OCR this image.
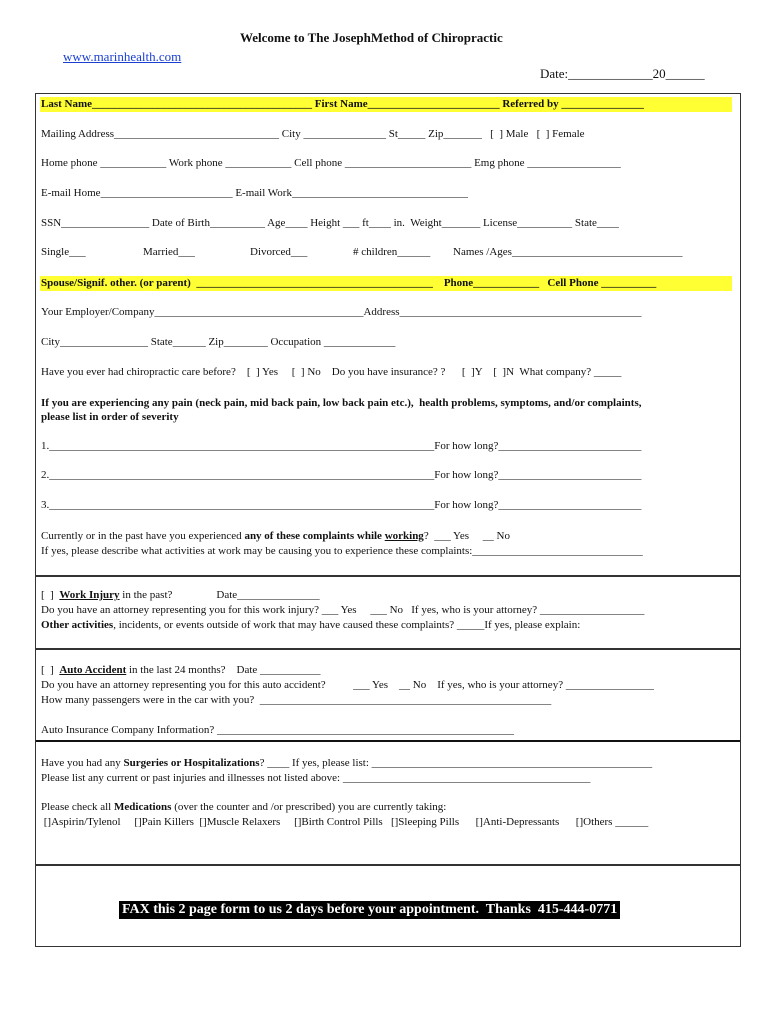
Welcome to The JosephMethod of Chiropractic
www.marinhealth.com
Date:_____________20______
Last Name________________________________________ First Name________________________ Referred by _______________
Mailing Address______________________________ City _______________ St_____ Zip_______   [  ] Male   [  ] Female
Home phone ____________ Work phone ____________ Cell phone _______________________ Emg phone _________________
E-mail Home________________________ E-mail Work________________________________
SSN________________ Date of Birth__________ Age____ Height ___ ft____ in.  Weight_______ License__________ State____
Single___	Married___	Divorced___	# children______ Names /Ages_______________________________
Spouse/Signif. other. (or parent)  ___________________________________________    Phone____________   Cell Phone __________
Your Employer/Company______________________________________Address____________________________________________
City________________ State______ Zip________ Occupation _____________
Have you ever had chiropractic care before?    [  ] Yes     [  ] No    Do you have insurance? ?      [  ]Y    [  ]N  What company? _____
If you are experiencing any pain (neck pain, mid back pain, low back pain etc.),  health problems, symptoms, and/or complaints,
please list in order of severity
1.______________________________________________________________________For how long?__________________________
2.______________________________________________________________________For how long?__________________________
3.______________________________________________________________________For how long?__________________________
Currently or in the past have you experienced any of these complaints while working?  ___ Yes     __ No
If yes, please describe what activities at work may be causing you to experience these complaints:_______________________________
[  ] Work Injury in the past?                Date_______________
Do you have an attorney representing you for this work injury? ___ Yes     ___ No   If yes, who is your attorney? ___________________
Other activities, incidents, or events outside of work that may have caused these complaints? _____If yes, please explain:
[  ] Auto Accident in the last 24 months?    Date ___________
Do you have an attorney representing you for this auto accident?          ___ Yes    __ No    If yes, who is your attorney? ________________
How many passengers were in the car with you?  _____________________________________________________
Auto Insurance Company Information? ______________________________________________________
Have you had any Surgeries or Hospitalizations? ____ If yes, please list: ___________________________________________________
Please list any current or past injuries and illnesses not listed above: _____________________________________________
Please check all Medications (over the counter and /or prescribed) you are currently taking:
[]Aspirin/Tylenol     []Pain Killers  []Muscle Relaxers     []Birth Control Pills   []Sleeping Pills      []Anti-Depressants      []Others ______
FAX this 2 page form to us 2 days before your appointment.  Thanks  415-444-0771
